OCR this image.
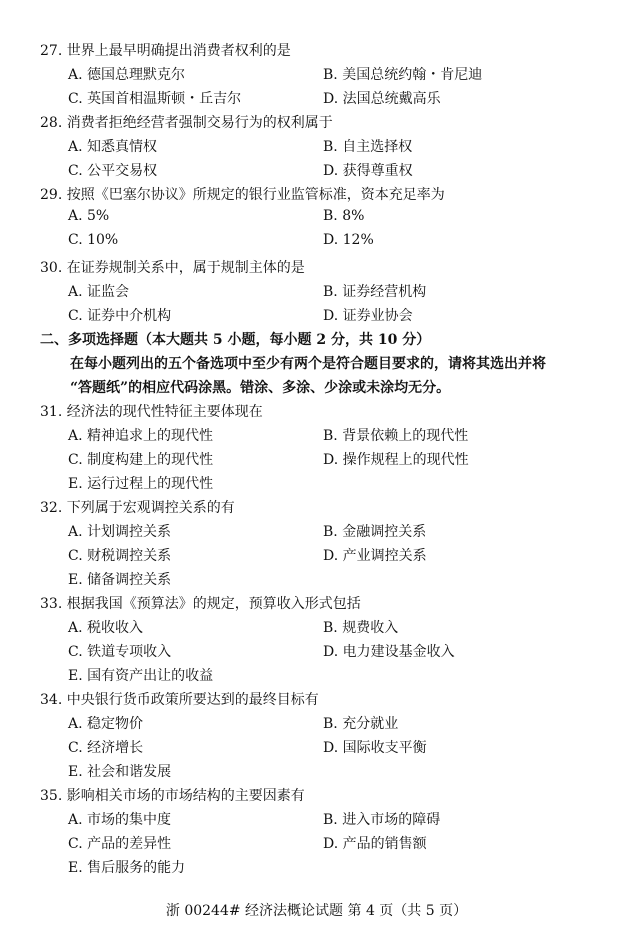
27. 世界上最早明确提出消费者权利的是
A. 德国总理默克尔	B. 美国总统约翰・肯尼迪
C. 英国首相温斯顿・丘吉尔	D. 法国总统戴高乐
28. 消费者拒绝经营者强制交易行为的权利属于
A. 知悉真情权	B. 自主选择权
C. 公平交易权	D. 获得尊重权
29. 按照《巴塞尔协议》所规定的银行业监管标准，资本充足率为
A. 5%	B. 8%
C. 10%	D. 12%
30. 在证券规制关系中，属于规制主体的是
A. 证监会	B. 证券经营机构
C. 证券中介机构	D. 证券业协会
二、多项选择题（本大题共 5 小题，每小题 2 分，共 10 分）
在每小题列出的五个备选项中至少有两个是符合题目要求的，请将其选出并将
“答题纸”的相应代码涂黑。错涂、多涂、少涂或未涂均无分。
31. 经济法的现代性特征主要体现在
A. 精神追求上的现代性	B. 背景依赖上的现代性
C. 制度构建上的现代性	D. 操作规程上的现代性
E. 运行过程上的现代性
32. 下列属于宏观调控关系的有
A. 计划调控关系	B. 金融调控关系
C. 财税调控关系	D. 产业调控关系
E. 储备调控关系
33. 根据我国《预算法》的规定，预算收入形式包括
A. 税收收入	B. 规费收入
C. 铁道专项收入	D. 电力建设基金收入
E. 国有资产出让的收益
34. 中央银行货币政策所要达到的最终目标有
A. 稳定物价	B. 充分就业
C. 经济增长	D. 国际收支平衡
E. 社会和谐发展
35. 影响相关市场的市场结构的主要因素有
A. 市场的集中度	B. 进入市场的障碍
C. 产品的差异性	D. 产品的销售额
E. 售后服务的能力
浙 00244# 经济法概论试题 第 4 页（共 5 页）
